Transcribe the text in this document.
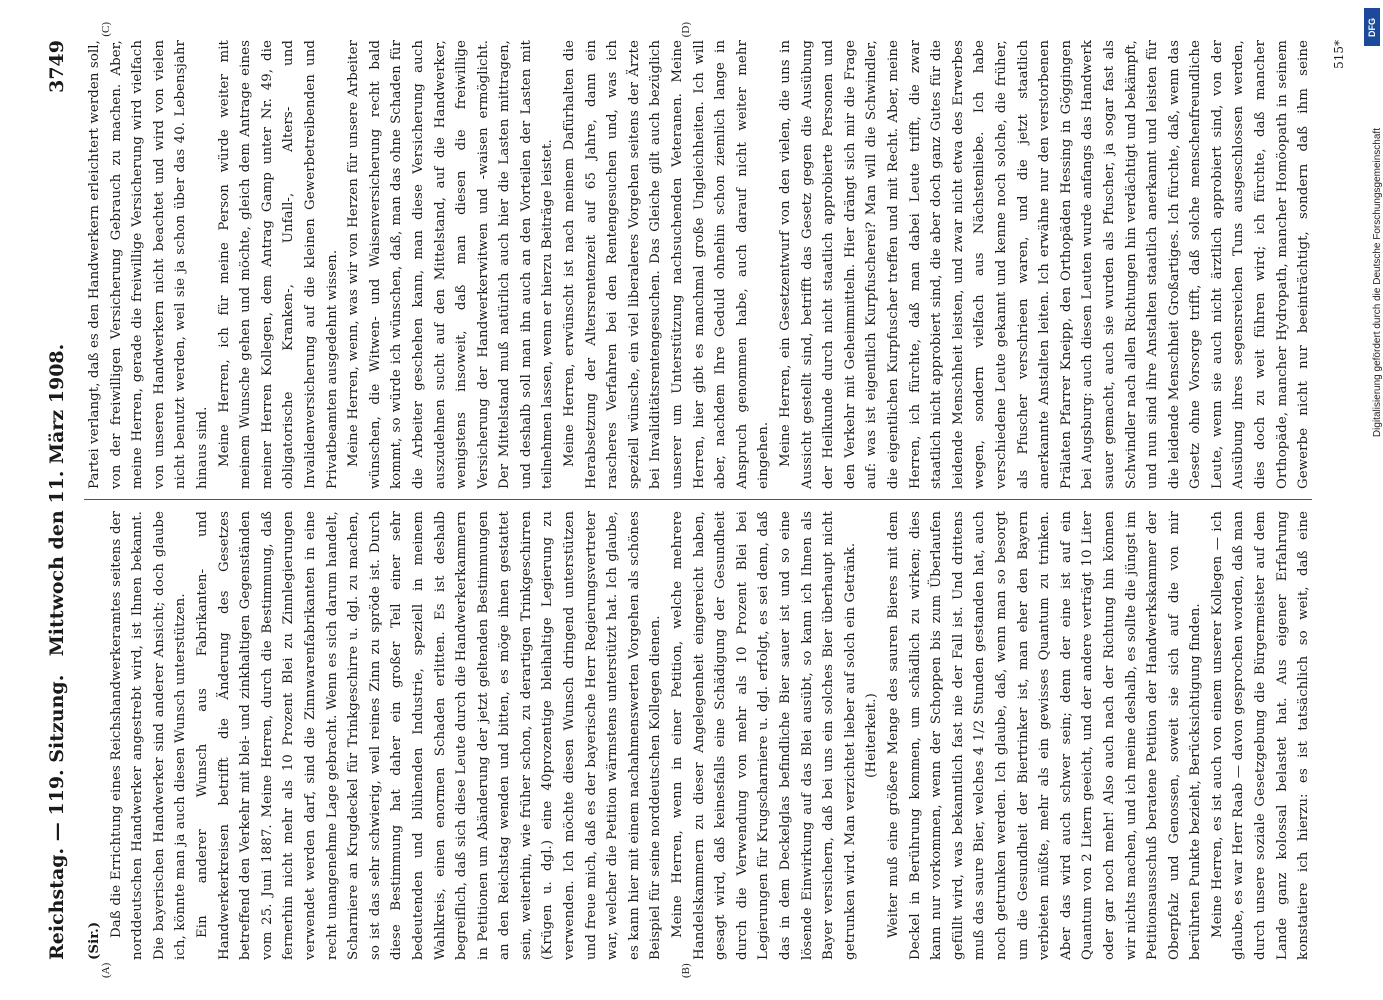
Reichstag. — 119. Sitzung.
Mittwoch den 11. März 1908.
3749

(Sir.)

Daß die Errichtung eines Reichshandwerkeramtes seitens der norddeutschen Handwerker angestrebt wird, ist Ihnen bekannt. Die bayerischen Handwerker sind anderer Ansicht; doch glaube ich, könnte man ja auch diesen Wunsch unterstützen. Ein anderer Wunsch aus Fabrikanten- und Handwerkerkreisen betrifft die Änderung des Gesetzes betreffend den Verkehr mit blei- und zinkhaltigen Gegenständen vom 25. Juni 1887. Meine Herren, durch die Bestimmung, daß fernerhin nicht mehr als 10 Prozent Blei zu Zinnlegierungen verwendet werden darf, sind die Zinnwarenfabrikanten in eine recht unangenehme Lage gebracht. Wenn es sich darum handelt, Scharniere an Krugdeckel für Trinkgeschirre u. dgl. zu machen, so ist das sehr schwierig, weil reines Zinn zu spröde ist. Durch diese Bestimmung hat daher ein großer Teil einer sehr bedeutenden und blühenden Industrie, speziell in meinem Wahlkreis, einen enormen Schaden erlitten. Es ist deshalb begreiflich, daß sich diese Leute durch die Handwerkerkammern in Petitionen um Abänderung der jetzt geltenden Bestimmungen an den Reichstag wenden und bitten, es möge ihnen gestattet sein, weiterhin, wie früher schon, zu derartigen Trinkgeschirren (Krügen u. dgl.) eine 40prozentige bleihaltige Legierung zu verwenden. Ich möchte diesen Wunsch dringend unterstützen und freue mich, daß es der bayerische Herr Regierungsvertreter war, welcher die Petition wärmstens unterstützt hat. Ich glaube, es kann hier mit einem nachahmenswerten Vorgehen als schönes Beispiel für seine norddeutschen Kollegen dienen. Meine Herren, wenn in einer Petition, welche mehrere Handelskammern zu dieser Angelegenheit eingereicht haben, gesagt wird, daß keinesfalls eine Schädigung der Gesundheit durch die Verwendung von mehr als 10 Prozent Blei bei Legierungen für Krugscharniere u. dgl. erfolgt, es sei denn, daß das in dem Deckelglas befindliche Bier sauer ist und so eine lösende Einwirkung auf das Blei ausübt, so kann ich Ihnen als Bayer versichern, daß bei uns ein solches Bier überhaupt nicht getrunken wird. Man verzichtet lieber auf solch ein Getränk. (Heiterkeit.) Weiter muß eine größere Menge des sauren Bieres mit dem Deckel in Berührung kommen, um schädlich zu wirken; dies kann nur vorkommen, wenn der Schoppen bis zum Überlaufen gefüllt wird, was bekanntlich fast nie der Fall ist. Und drittens muß das saure Bier, welches 4 1/2 Stunden gestanden hat, auch noch getrunken werden. Ich glaube, daß, wenn man so besorgt um die Gesundheit der Biertrinker ist, man eher den Bayern verbieten müßte, mehr als ein gewisses Quantum zu trinken. Aber das wird auch schwer sein; denn der eine ist auf ein Quantum von 2 Litern geeicht, und der andere verträgt 10 Liter oder gar noch mehr! Also auch nach der Richtung hin können wir nichts machen, und ich meine deshalb, es sollte die jüngst im Petitionsausschuß beratene Petition der Handwerkskammer der Oberpfalz und Genossen, soweit sie sich auf die von mir berührten Punkte bezieht, Berücksichtigung finden. Meine Herren, es ist auch von einem unserer Kollegen — ich glaube, es war Herr Raab — davon gesprochen worden, daß man durch unsere soziale Gesetzgebung die Bürgermeister auf dem Lande ganz kolossal belastet hat. Aus eigener Erfahrung konstatiere ich hierzu: es ist tatsächlich so weit, daß eine

Partei verlangt, daß es den Handwerkern erleichtert werden soll, von der freiwilligen Versicherung Gebrauch zu machen. Aber, meine Herren, gerade die freiwillige Versicherung wird vielfach von unseren Handwerkern nicht beachtet und wird von vielen nicht benutzt werden, weil sie ja schon über das 40. Lebensjahr hinaus sind. Meine Herren, ich für meine Person würde weiter mit meinem Wunsche gehen und möchte, gleich dem Antrage eines meiner Herren Kollegen, dem Antrag Gamp unter Nr. 49, die obligatorische Kranken-, Unfall-, Alters- und Invalidenversicherung auf die kleinen Gewerbetreibenden und Privatbeamten ausgedehnt wissen. Meine Herren, wenn, was wir von Herzen für unsere Arbeiter wünschen, die Witwen- und Waisenversicherung recht bald kommt, so würde ich wünschen, daß, man das ohne Schaden für die Arbeiter geschehen kann, man diese Versicherung auch auszudehnen sucht auf den Mittelstand, auf die Handwerker, wenigstens insoweit, daß man diesen die freiwillige Versicherung der Handwerkerwitwen und -waisen ermöglicht. Der Mittelstand muß natürlich auch hier die Lasten mittragen, und deshalb soll man ihn auch an den Vorteilen der Lasten mit teilnehmen lassen, wenn er hierzu Beiträge leistet. Meine Herren, erwünscht ist nach meinem Dafürhalten die Herabsetzung der Altersrentenzeit auf 65 Jahre, dann ein rascheres Verfahren bei den Rentengesuchen und, was ich speziell wünsche, ein viel liberaleres Vorgehen seitens der Ärzte bei Invaliditätsrentengesuchen. Das Gleiche gilt auch bezüglich unserer um Unterstützung nachsuchenden Veteranen. Meine Herren, hier gibt es manchmal große Ungleichheiten. Ich will aber, nachdem Ihre Geduld ohnehin schon ziemlich lange in Anspruch genommen habe, auch darauf nicht weiter mehr eingehen. Meine Herren, ein Gesetzentwurf von den vielen, die uns in Aussicht gestellt sind, betrifft das Gesetz gegen die Ausübung der Heilkunde durch nicht staatlich approbierte Personen und den Verkehr mit Geheimmitteln. Hier drängt sich mir die Frage auf: was ist eigentlich Kurpfuscherei? Man will die Schwindler, die eigentlichen Kurpfuscher treffen und mit Recht. Aber, meine Herren, ich fürchte, daß man dabei Leute trifft, die zwar staatlich nicht approbiert sind, die aber doch ganz Gutes für die leidende Menschheit leisten, und zwar nicht etwa des Erwerbes wegen, sondern vielfach aus Nächstenliebe. Ich habe verschiedene Leute gekannt und kenne noch solche, die früher, als Pfuscher verschrieen waren, und die jetzt staatlich anerkannte Anstalten leiten. Ich erwähne nur den verstorbenen Prälaten Pfarrer Kneipp, den Orthopäden Hessing in Göggingen bei Augsburg: auch diesen Leuten wurde anfangs das Handwerk sauer gemacht, auch sie wurden als Pfuscher, ja sogar fast als Schwindler nach allen Richtungen hin verdächtigt und bekämpft, und nun sind ihre Anstalten staatlich anerkannt und leisten für die leidende Menschheit Großartiges. Ich fürchte, daß, wenn das Gesetz ohne Vorsorge trifft, daß solche menschenfreundliche Leute, wenn sie auch nicht ärztlich approbiert sind, von der Ausübung ihres segensreichen Tuns ausgeschlossen werden, dies doch zu weit führen wird; ich fürchte, daß mancher Orthopäde, mancher Hydropath, mancher Homöopath in seinem Gewerbe nicht nur beeinträchtigt, sondern daß ihm seine

(A)	(B)
(C)	(D)
515*
DFG
Digitalisierung gefördert durch die Deutsche Forschungsgemeinschaft
